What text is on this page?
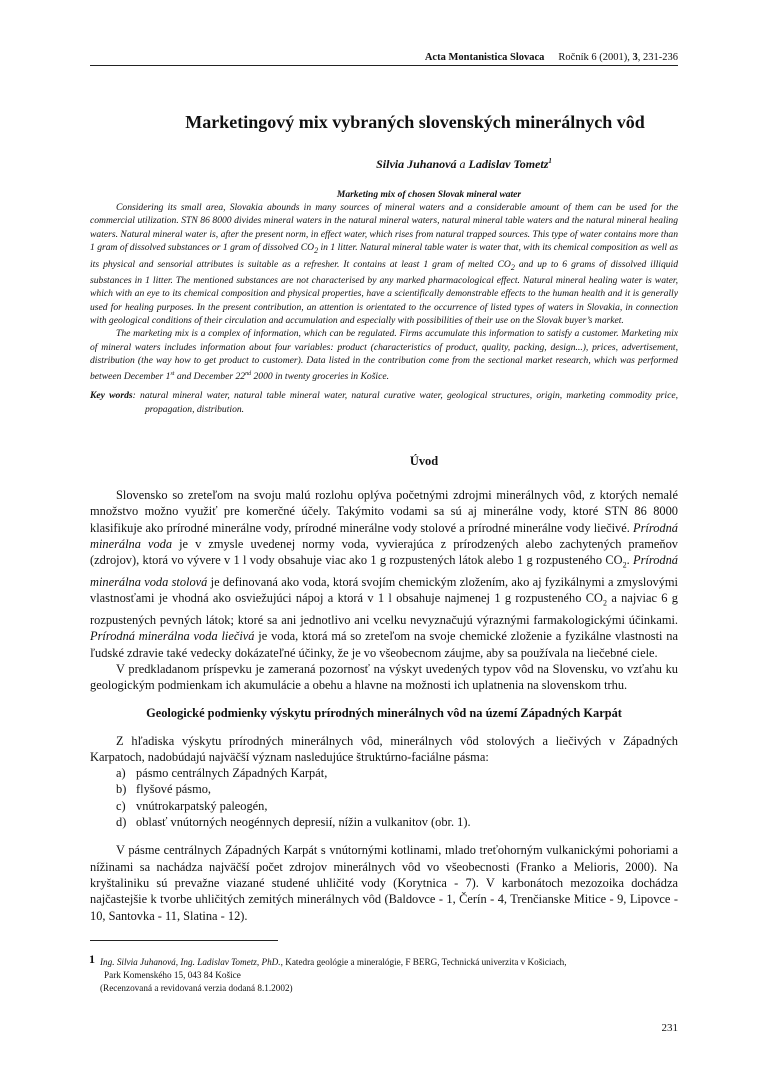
Acta Montanistica Slovaca Ročník 6 (2001), 3, 231-236
Marketingový mix vybraných slovenských minerálnych vôd
Silvia Juhanová a Ladislav Tometz$^1$
Marketing mix of chosen Slovak mineral water

Considering its small area, Slovakia abounds in many sources of mineral waters and a considerable amount of them can be used for the commercial utilization. STN 86 8000 divides mineral waters in the natural mineral waters, natural mineral table waters and the natural mineral healing waters. Natural mineral water is, after the present norm, in effect water, which rises from natural trapped sources. This type of water contains more than 1 gram of dissolved substances or 1 gram of dissolved $CO_2$ in 1 litter. Natural mineral table water is water that, with its chemical composition as well as its physical and sensorial attributes is suitable as a refresher. It contains at least 1 gram of melted $CO_2$ and up to 6 grams of dissolved illiquid substances in 1 litter. The mentioned substances are not characterised by any marked pharmacological effect. Natural mineral healing water is water, which with an eye to its chemical composition and physical properties, have a scientifically demonstrable effects to the human health and it is generally used for healing purposes. In the present contribution, an attention is orientated to the occurrence of listed types of waters in Slovakia, in connection with geological conditions of their circulation and accumulation and especially with possibilities of their use on the Slovak buyer’s market.

The marketing mix is a complex of information, which can be regulated. Firms accumulate this information to satisfy a customer. Marketing mix of mineral waters includes information about four variables: product (characteristics of product, quality, packing, design...), prices, advertisement, distribution (the way how to get product to customer). Data listed in the contribution come from the sectional market research, which was performed between December 1st and December 22nd 2000 in twenty groceries in Košice.

Key words: natural mineral water, natural table mineral water, natural curative water, geological structures, origin, marketing commodity price, propagation, distribution.
Úvod

Slovensko so zreteľom na svoju malú rozlohu oplýva početnými zdrojmi minerálnych vôd, z ktorých nemalé množstvo možno využiť pre komerčné účely. Takýmito vodami sa sú aj minerálne vody, ktoré STN 86 8000 klasifikuje ako prírodné minerálne vody, prírodné minerálne vody stolové a prírodné minerálne vody liečivé. Prírodná minerálna voda je v zmysle uvedenej normy voda, vyvierajúca z prírodzených alebo zachytených prameňov (zdrojov), ktorá vo vývere v 1 l vody obsahuje viac ako 1 g rozpustených látok alebo 1 g rozpusteného $CO_2$. Prírodná minerálna voda stolová je definovaná ako voda, ktorá svojím chemickým zložením, ako aj fyzikálnymi a zmyslovými vlastnosťami je vhodná ako osviežujúci nápoj a ktorá v 1 l obsahuje najmenej 1 g rozpusteného $CO_2$ a najviac 6 g rozpustených pevných látok; ktoré sa ani jednotlivo ani vcelku nevyznačujú výraznými farmakologickými účinkami. Prírodná minerálna voda liečivá je voda, ktorá má so zreteľom na svoje chemické zloženie a fyzikálne vlastnosti na ľudské zdravie také vedecky dokázateľné účinky, že je vo všeobecnom záujme, aby sa používala na liečebné ciele.

V predkladanom príspevku je zameraná pozornosť na výskyt uvedených typov vôd na Slovensku, vo vzťahu ku geologickým podmienkam ich akumulácie a obehu a hlavne na možnosti ich uplatnenia na slovenskom trhu.

Geologické podmienky výskytu prírodných minerálnych vôd na území Západných Karpát

Z hľadiska výskytu prírodných minerálnych vôd, minerálnych vôd stolových a liečivých v Západných Karpatoch, nadobúdajú najväčší význam nasledujúce štruktúrno-faciálne pásma:

a) pásmo centrálnych Západných Karpát,
b) flyšové pásmo,
c) vnútrokarpatský paleogén,
d) oblasť vnútorných neogénnych depresií, nížin a vulkanitov (obr. 1).

V pásme centrálnych Západných Karpát s vnútornými kotlinami, mlado treťohorným vulkanickými pohoriami a nížinami sa nachádza najväčší počet zdrojov minerálnych vôd vo všeobecnosti (Franko a Melioris, 2000). Na kryštaliniku sú prevažne viazané studené uhličité vody (Korytnica - 7). V karbonátoch mezozoika dochádza najčastejšie k tvorbe uhličitých zemitých minerálnych vôd (Baldovce - 1, Čerín - 4, Trenčianske Mitice - 9, Lipovce - 10, Santovka - 11, Slatina - 12).

1 Ing. Silvia Juhanová, Ing. Ladislav Tometz, PhD., Katedra geológie a mineralógie, F BERG, Technická univerzita v Košiciach,
Park Komenského 15, 043 84 Košice
(Recenzovaná a revidovaná verzia dodaná 8.1.2002)
231
